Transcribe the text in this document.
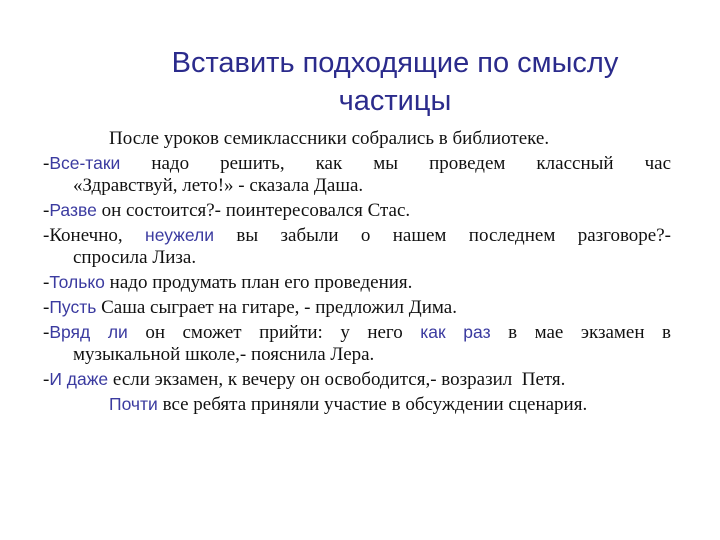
Вставить подходящие по смыслу
частицы
После уроков семиклассники собрались в библиотеке.
-Все-таки надо решить, как мы проведем классный час
«Здравствуй, лето!» - сказала Даша.
-Разве он состоится?- поинтересовался Стас.
-Конечно, неужели вы забыли о нашем последнем разговоре?-
спросила Лиза.
-Только надо продумать план его проведения.
-Пусть Саша сыграет на гитаре, - предложил Дима.
-Вряд ли он сможет прийти: у него как раз в мае экзамен в
музыкальной школе,- пояснила Лера.
-И даже если экзамен, к вечеру он освободится,- возразил  Петя.
Почти все ребята приняли участие в обсуждении сценария.
